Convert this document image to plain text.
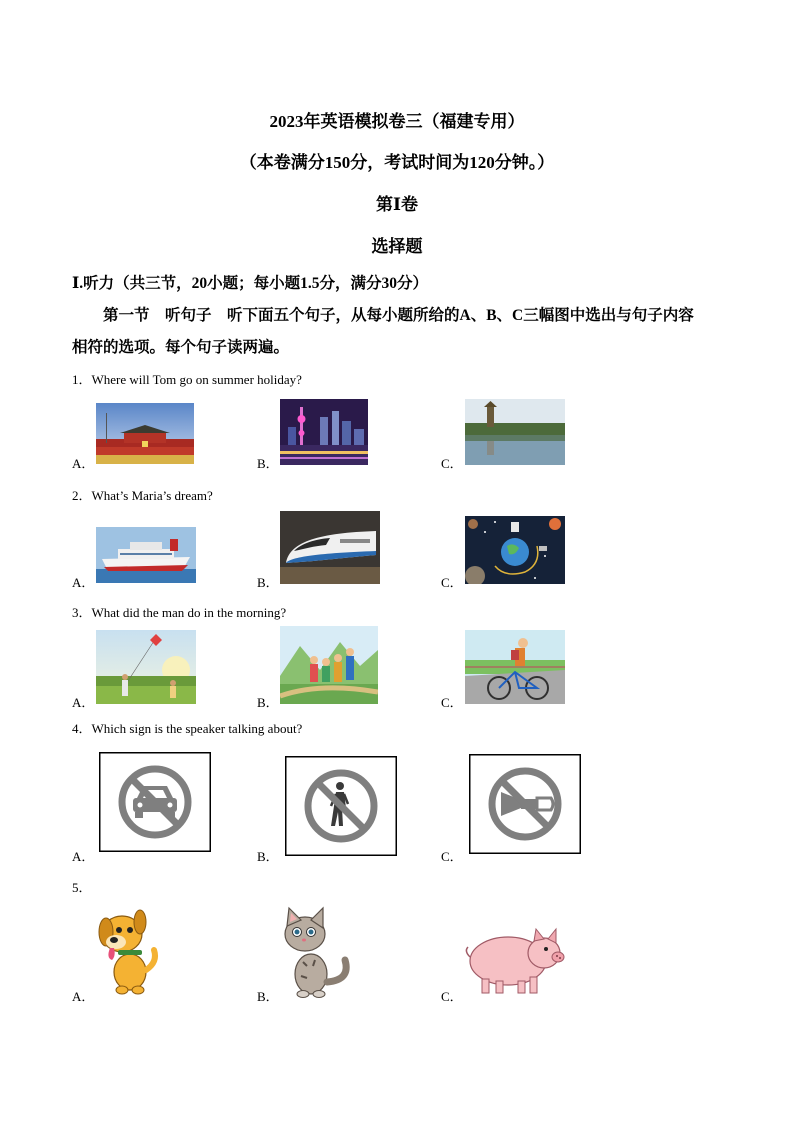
2023年英语模拟卷三（福建专用）
（本卷满分150分，考试时间为120分钟。）
第Ⅰ卷
选择题
Ⅰ.听力（共三节，20小题；每小题1.5分，满分30分）
第一节　听句子　听下面五个句子，从每小题所给的A、B、C三幅图中选出与句子内容
相符的选项。每个句子读两遍。
1．Where will Tom go on summer holiday?
A．	B．	C．
2．What’s Maria’s dream?
A．	B．	C．
3．What did the man do in the morning?
A．	B．	C．
4．Which sign is the speaker talking about?
A．	B．	C．
5．
A．	B．	C．
